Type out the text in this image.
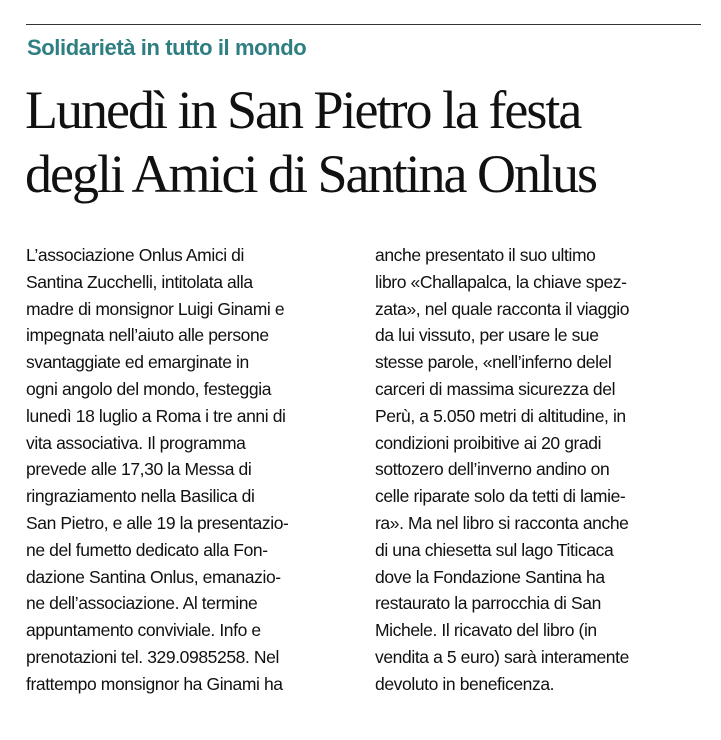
Solidarietà in tutto il mondo
Lunedì in San Pietro la festa
degli Amici di Santina Onlus
L’associazione Onlus Amici di
Santina Zucchelli, intitolata alla
madre di monsignor Luigi Ginami e
impegnata nell’aiuto alle persone
svantaggiate ed emarginate in
ogni angolo del mondo, festeggia
lunedì 18 luglio a Roma i tre anni di
vita associativa. Il programma
prevede alle 17,30 la Messa di
ringraziamento nella Basilica di
San Pietro, e alle 19 la presentazio-
ne del fumetto dedicato alla Fon-
dazione Santina Onlus, emanazio-
ne dell’associazione. Al termine
appuntamento conviviale. Info e
prenotazioni tel. 329.0985258. Nel
frattempo monsignor ha Ginami ha
anche presentato il suo ultimo
libro «Challapalca, la chiave spez-
zata», nel quale racconta il viaggio
da lui vissuto, per usare le sue
stesse parole, «nell’inferno delel
carceri di massima sicurezza del
Perù, a 5.050 metri di altitudine, in
condizioni proibitive ai 20 gradi
sottozero dell’inverno andino on
celle riparate solo da tetti di lamie-
ra». Ma nel libro si racconta anche
di una chiesetta sul lago Titicaca
dove la Fondazione Santina ha
restaurato la parrocchia di San
Michele. Il ricavato del libro (in
vendita a 5 euro) sarà interamente
devoluto in beneficenza.
